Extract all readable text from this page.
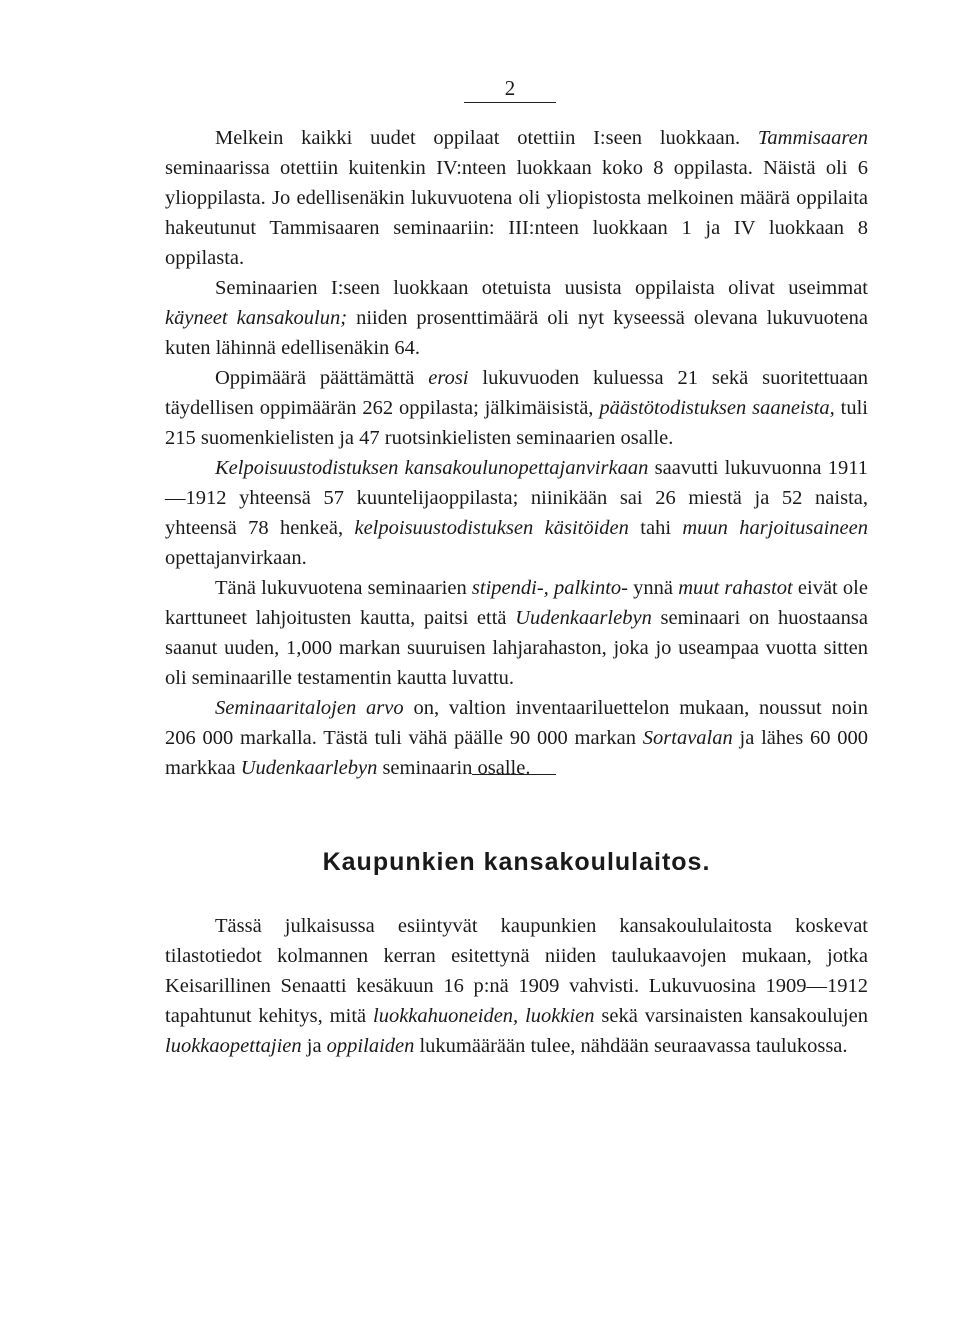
2

Melkein kaikki uudet oppilaat otettiin I:seen luokkaan. Tammisaaren seminaarissa otettiin kuitenkin IV:nteen luokkaan koko 8 oppilasta. Näistä oli 6 ylioppilasta. Jo edellisenäkin lukuvuotena oli yliopistosta melkoinen määrä oppilaita hakeutunut Tammisaaren seminaariin: III:nteen luokkaan 1 ja IV luokkaan 8 oppilasta.

Seminaarien I:seen luokkaan otetuista uusista oppilaista olivat useimmat käyneet kansakoulun; niiden prosenttimäärä oli nyt kyseessä olevana lukuvuotena kuten lähinnä edellisenäkin 64.

Oppimäärä päättämättä erosi lukuvuoden kuluessa 21 sekä suoritettuaan täydellisen oppimäärän 262 oppilasta; jälkimäisistä, päästötodistuksen saaneista, tuli 215 suomenkielisten ja 47 ruotsinkielisten seminaarien osalle.

Kelpoisuustodistuksen kansakoulunopettajanvirkaan saavutti lukuvuonna 1911—1912 yhteensä 57 kuuntelijaoppilasta; niinikään sai 26 miestä ja 52 naista, yhteensä 78 henkeä, kelpoisuustodistuksen käsitöiden tahi muun harjoitusaineen opettajanvirkaan.

Tänä lukuvuotena seminaarien stipendi-, palkinto- ynnä muut rahastot eivät ole karttuneet lahjoitusten kautta, paitsi että Uudenkaarlebyn seminaari on huostaansa saanut uuden, 1,000 markan suuruisen lahjarahaston, joka jo useampaa vuotta sitten oli seminaarille testamentin kautta luvattu.

Seminaaritalojen arvo on, valtion inventaariluettelon mukaan, noussut noin 206 000 markalla. Tästä tuli vähä päälle 90 000 markan Sortavalan ja lähes 60 000 markkaa Uudenkaarlebyn seminaarin osalle.

Kaupunkien kansakoululaitos.

Tässä julkaisussa esiintyvät kaupunkien kansakoululaitosta koskevat tilastotiedot kolmannen kerran esitettynä niiden taulukaavojen mukaan, jotka Keisarillinen Senaatti kesäkuun 16 p:nä 1909 vahvisti. Lukuvuosina 1909—1912 tapahtunut kehitys, mitä luokkahuoneiden, luokkien sekä varsinaisten kansakoulujen luokkaopettajien ja oppilaiden lukumäärään tulee, nähdään seuraavassa taulukossa.
